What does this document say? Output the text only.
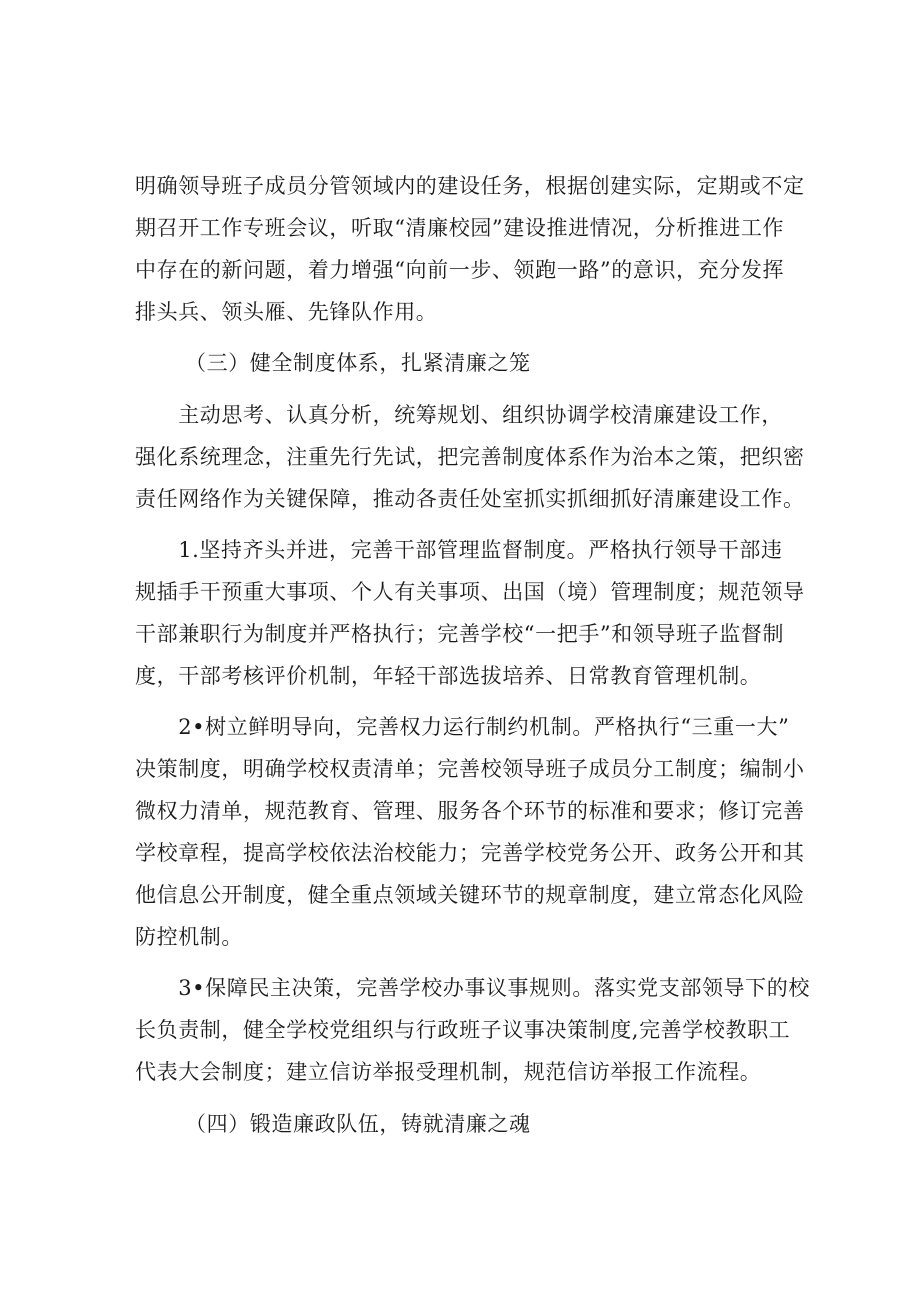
明确领导班子成员分管领域内的建设任务，根据创建实际，定期或不定
期召开工作专班会议，听取“清廉校园”建设推进情况，分析推进工作
中存在的新问题，着力增强“向前一步、领跑一路”的意识，充分发挥
排头兵、领头雁、先锋队作用。
（三）健全制度体系，扎紧清廉之笼
　　主动思考、认真分析，统筹规划、组织协调学校清廉建设工作，
强化系统理念，注重先行先试，把完善制度体系作为治本之策，把织密
责任网络作为关键保障，推动各责任处室抓实抓细抓好清廉建设工作。
　　1.坚持齐头并进，完善干部管理监督制度。严格执行领导干部违
规插手干预重大事项、个人有关事项、出国（境）管理制度；规范领导
干部兼职行为制度并严格执行；完善学校“一把手”和领导班子监督制
度，干部考核评价机制，年轻干部选拔培养、日常教育管理机制。
　　2•树立鲜明导向，完善权力运行制约机制。严格执行“三重一大”
决策制度，明确学校权责清单；完善校领导班子成员分工制度；编制小
微权力清单，规范教育、管理、服务各个环节的标准和要求；修订完善
学校章程，提高学校依法治校能力；完善学校党务公开、政务公开和其
他信息公开制度，健全重点领域关键环节的规章制度，建立常态化风险
防控机制。
　　3•保障民主决策，完善学校办事议事规则。落实党支部领导下的校
长负责制，健全学校党组织与行政班子议事决策制度,完善学校教职工
代表大会制度；建立信访举报受理机制，规范信访举报工作流程。
（四）锻造廉政队伍，铸就清廉之魂
